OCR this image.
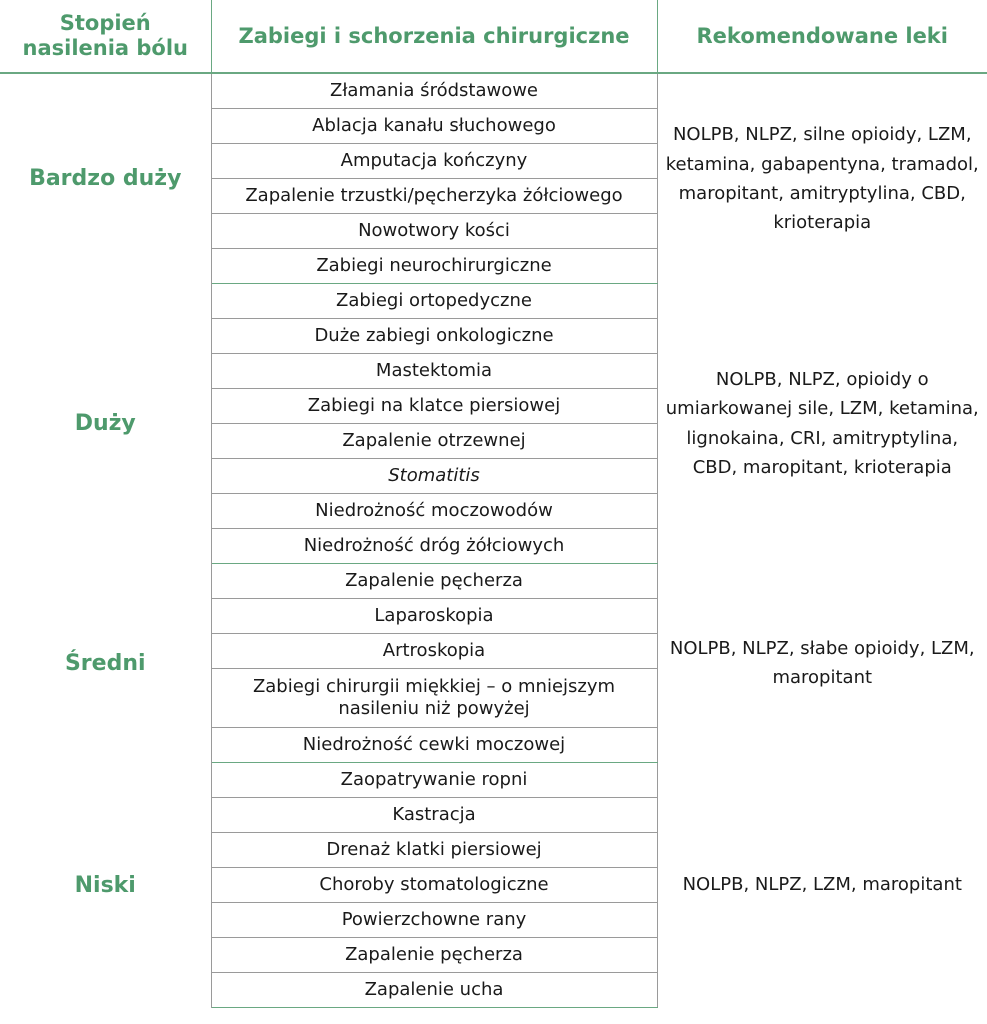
Stopień nasilenia bólu	Zabiegi i schorzenia chirurgiczne	Rekomendowane leki
Bardzo duży	Złamania śródstawowe	NOLPB, NLPZ, silne opioidy, LZM, ketamina, gabapentyna, tramadol, maropitant, amitryptylina, CBD, krioterapia
	Ablacja kanału słuchowego	
	Amputacja kończyny	
	Zapalenie trzustki/pęcherzyka żółciowego	
	Nowotwory kości	
	Zabiegi neurochirurgiczne	
Duży	Zabiegi ortopedyczne	NOLPB, NLPZ, opioidy o umiarkowanej sile, LZM, ketamina, lignokaina, CRI, amitryptylina, CBD, maropitant, krioterapia
	Duże zabiegi onkologiczne	
	Mastektomia	
	Zabiegi na klatce piersiowej	
	Zapalenie otrzewnej	
	Stomatitis	
	Niedrożność moczowodów	
	Niedrożność dróg żółciowych	
Średni	Zapalenie pęcherza	NOLPB, NLPZ, słabe opioidy, LZM, maropitant
	Laparoskopia	
	Artroskopia	
	Zabiegi chirurgii miękkiej – o mniejszym nasileniu niż powyżej	
	Niedrożność cewki moczowej	
Niski	Zaopatrywanie ropni	NOLPB, NLPZ, LZM, maropitant
	Kastracja	
	Drenaż klatki piersiowej	
	Choroby stomatologiczne	
	Powierzchowne rany	
	Zapalenie pęcherza	
	Zapalenie ucha	
